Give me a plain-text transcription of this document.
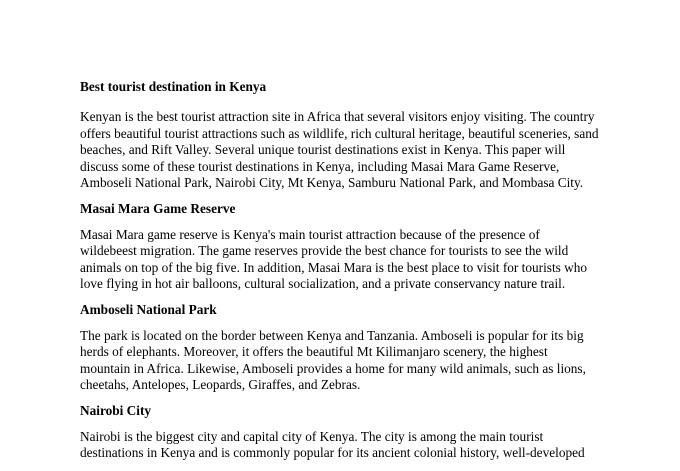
Best tourist destination in Kenya
Kenyan is the best tourist attraction site in Africa that several visitors enjoy visiting. The country
offers beautiful tourist attractions such as wildlife, rich cultural heritage, beautiful sceneries, sand
beaches, and Rift Valley. Several unique tourist destinations exist in Kenya. This paper will
discuss some of these tourist destinations in Kenya, including Masai Mara Game Reserve,
Amboseli National Park, Nairobi City, Mt Kenya, Samburu National Park, and Mombasa City.
Masai Mara Game Reserve
Masai Mara game reserve is Kenya's main tourist attraction because of the presence of
wildebeest migration. The game reserves provide the best chance for tourists to see the wild
animals on top of the big five. In addition, Masai Mara is the best place to visit for tourists who
love flying in hot air balloons, cultural socialization, and a private conservancy nature trail.
Amboseli National Park
The park is located on the border between Kenya and Tanzania. Amboseli is popular for its big
herds of elephants. Moreover, it offers the beautiful Mt Kilimanjaro scenery, the highest
mountain in Africa. Likewise, Amboseli provides a home for many wild animals, such as lions,
cheetahs, Antelopes, Leopards, Giraffes, and Zebras.
Nairobi City
Nairobi is the biggest city and capital city of Kenya. The city is among the main tourist
destinations in Kenya and is commonly popular for its ancient colonial history, well-developed
